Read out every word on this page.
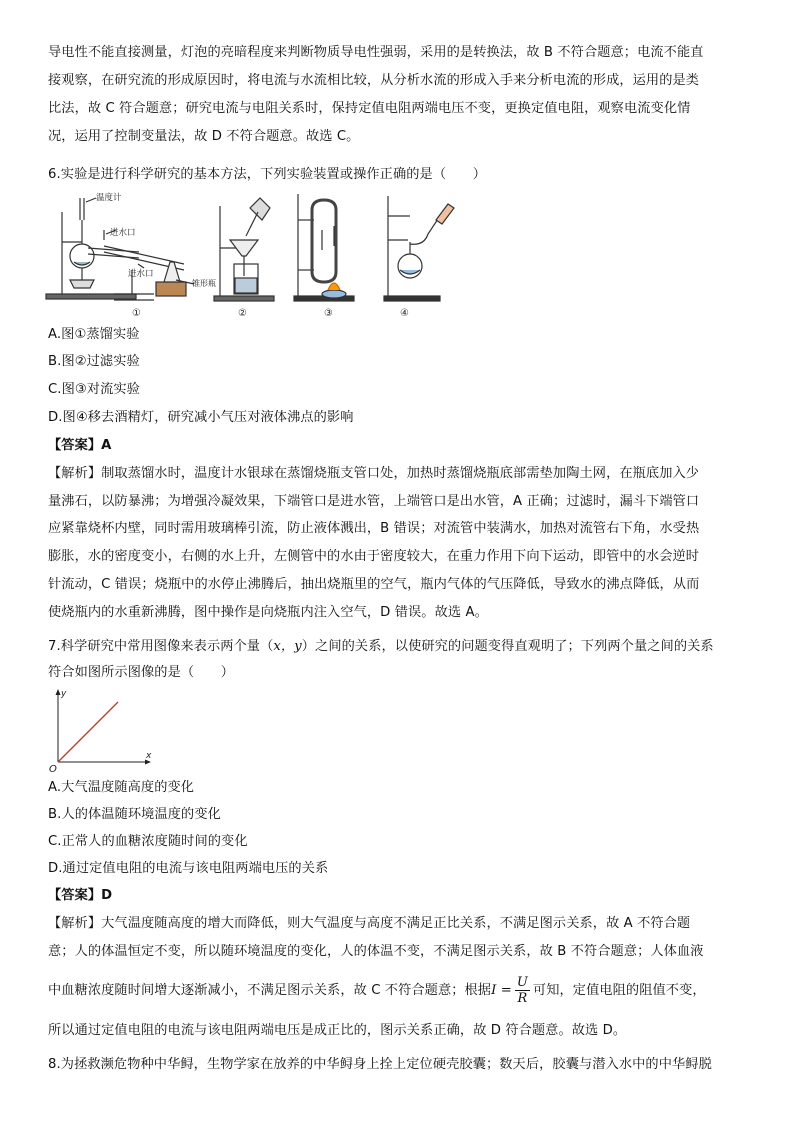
导电性不能直接测量，灯泡的亮暗程度来判断物质导电性强弱，采用的是转换法，故 B 不符合题意；电流不能直
接观察，在研究流的形成原因时，将电流与水流相比较，从分析水流的形成入手来分析电流的形成，运用的是类
比法，故 C 符合题意；研究电流与电阻关系时，保持定值电阻两端电压不变，更换定值电阻，观察电流变化情
况，运用了控制变量法，故 D 不符合题意。故选 C。
6.实验是进行科学研究的基本方法，下列实验装置或操作正确的是（　　）
温度计
进水口
进水口
锥形瓶
①	②	③	④
A.图①蒸馏实验
B.图②过滤实验
C.图③对流实验
D.图④移去酒精灯，研究减小气压对液体沸点的影响
【答案】A
【解析】制取蒸馏水时，温度计水银球在蒸馏烧瓶支管口处，加热时蒸馏烧瓶底部需垫加陶土网，在瓶底加入少
量沸石，以防暴沸；为增强冷凝效果，下端管口是进水管，上端管口是出水管，A 正确；过滤时，漏斗下端管口
应紧靠烧杯内壁，同时需用玻璃棒引流，防止液体溅出，B 错误；对流管中装满水，加热对流管右下角，水受热
膨胀，水的密度变小，右侧的水上升，左侧管中的水由于密度较大，在重力作用下向下运动，即管中的水会逆时
针流动，C 错误；烧瓶中的水停止沸腾后，抽出烧瓶里的空气，瓶内气体的气压降低，导致水的沸点降低，从而
使烧瓶内的水重新沸腾，图中操作是向烧瓶内注入空气，D 错误。故选 A。
7.科学研究中常用图像来表示两个量（x，y）之间的关系，以使研究的问题变得直观明了；下列两个量之间的关系
符合如图所示图像的是（　　）
y
x
O
A.大气温度随高度的变化
B.人的体温随环境温度的变化
C.正常人的血糖浓度随时间的变化
D.通过定值电阻的电流与该电阻两端电压的关系
【答案】D
【解析】大气温度随高度的增大而降低，则大气温度与高度不满足正比关系，不满足图示关系，故 A 不符合题
意；人的体温恒定不变，所以随环境温度的变化，人的体温不变，不满足图示关系，故 B 不符合题意；人体血液
中血糖浓度随时间增大逐渐减小，不满足图示关系，故 C 不符合题意；根据$I = \frac{U}{R}$ 可知，定值电阻的阻值不变，
所以通过定值电阻的电流与该电阻两端电压是成正比的，图示关系正确，故 D 符合题意。故选 D。
8.为拯救濒危物种中华鲟，生物学家在放养的中华鲟身上拴上定位硬壳胶囊；数天后，胶囊与潜入水中的中华鲟脱
